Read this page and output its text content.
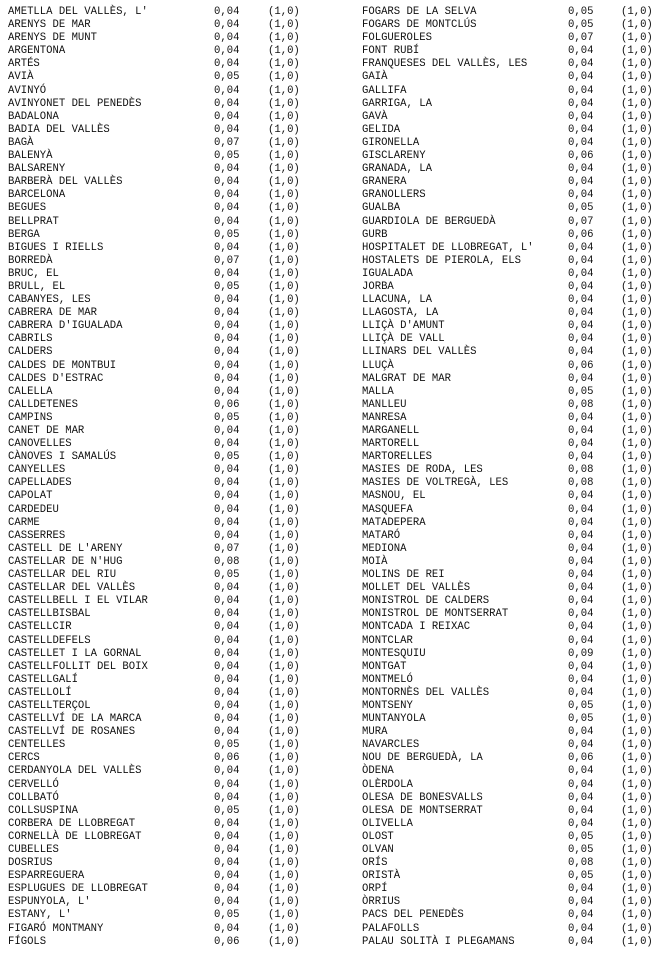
AMETLLA DEL VALLÈS, L'	0,04	(1,0)
ARENYS DE MAR	0,04	(1,0)
ARENYS DE MUNT	0,04	(1,0)
ARGENTONA	0,04	(1,0)
ARTÉS	0,04	(1,0)
AVIÀ	0,05	(1,0)
AVINYÓ	0,04	(1,0)
AVINYONET DEL PENEDÈS	0,04	(1,0)
BADALONA	0,04	(1,0)
BADIA DEL VALLÈS	0,04	(1,0)
BAGÀ	0,07	(1,0)
BALENYÀ	0,05	(1,0)
BALSARENY	0,04	(1,0)
BARBERÀ DEL VALLÈS	0,04	(1,0)
BARCELONA	0,04	(1,0)
BEGUES	0,04	(1,0)
BELLPRAT	0,04	(1,0)
BERGA	0,05	(1,0)
BIGUES I RIELLS	0,04	(1,0)
BORREDÀ	0,07	(1,0)
BRUC, EL	0,04	(1,0)
BRULL, EL	0,05	(1,0)
CABANYES, LES	0,04	(1,0)
CABRERA DE MAR	0,04	(1,0)
CABRERA D'IGUALADA	0,04	(1,0)
CABRILS	0,04	(1,0)
CALDERS	0,04	(1,0)
CALDES DE MONTBUI	0,04	(1,0)
CALDES D'ESTRAC	0,04	(1,0)
CALELLA	0,04	(1,0)
CALLDETENES	0,06	(1,0)
CAMPINS	0,05	(1,0)
CANET DE MAR	0,04	(1,0)
CANOVELLES	0,04	(1,0)
CÀNOVES I SAMALÚS	0,05	(1,0)
CANYELLES	0,04	(1,0)
CAPELLADES	0,04	(1,0)
CAPOLAT	0,04	(1,0)
CARDEDEU	0,04	(1,0)
CARME	0,04	(1,0)
CASSERRES	0,04	(1,0)
CASTELL DE L'ARENY	0,07	(1,0)
CASTELLAR DE N'HUG	0,08	(1,0)
CASTELLAR DEL RIU	0,05	(1,0)
CASTELLAR DEL VALLÈS	0,04	(1,0)
CASTELLBELL I EL VILAR	0,04	(1,0)
CASTELLBISBAL	0,04	(1,0)
CASTELLCIR	0,04	(1,0)
CASTELLDEFELS	0,04	(1,0)
CASTELLET I LA GORNAL	0,04	(1,0)
CASTELLFOLLIT DEL BOIX	0,04	(1,0)
CASTELLGALÍ	0,04	(1,0)
CASTELLOLÍ	0,04	(1,0)
CASTELLTERÇOL	0,04	(1,0)
CASTELLVÍ DE LA MARCA	0,04	(1,0)
CASTELLVÍ DE ROSANES	0,04	(1,0)
CENTELLES	0,05	(1,0)
CERCS	0,06	(1,0)
CERDANYOLA DEL VALLÈS	0,04	(1,0)
CERVELLÓ	0,04	(1,0)
COLLBATÓ	0,04	(1,0)
COLLSUSPINA	0,05	(1,0)
CORBERA DE LLOBREGAT	0,04	(1,0)
CORNELLÀ DE LLOBREGAT	0,04	(1,0)
CUBELLES	0,04	(1,0)
DOSRIUS	0,04	(1,0)
ESPARREGUERA	0,04	(1,0)
ESPLUGUES DE LLOBREGAT	0,04	(1,0)
ESPUNYOLA, L'	0,04	(1,0)
ESTANY, L'	0,05	(1,0)
FIGARÓ MONTMANY	0,04	(1,0)
FÍGOLS	0,06	(1,0)
FOGARS DE LA SELVA	0,05	(1,0)
FOGARS DE MONTCLÚS	0,05	(1,0)
FOLGUEROLES	0,07	(1,0)
FONT RUBÍ	0,04	(1,0)
FRANQUESES DEL VALLÈS, LES	0,04	(1,0)
GAIÀ	0,04	(1,0)
GALLIFA	0,04	(1,0)
GARRIGA, LA	0,04	(1,0)
GAVÀ	0,04	(1,0)
GELIDA	0,04	(1,0)
GIRONELLA	0,04	(1,0)
GISCLARENY	0,06	(1,0)
GRANADA, LA	0,04	(1,0)
GRANERA	0,04	(1,0)
GRANOLLERS	0,04	(1,0)
GUALBA	0,05	(1,0)
GUARDIOLA DE BERGUEDÀ	0,07	(1,0)
GURB	0,06	(1,0)
HOSPITALET DE LLOBREGAT, L'	0,04	(1,0)
HOSTALETS DE PIEROLA, ELS	0,04	(1,0)
IGUALADA	0,04	(1,0)
JORBA	0,04	(1,0)
LLACUNA, LA	0,04	(1,0)
LLAGOSTA, LA	0,04	(1,0)
LLIÇÀ D'AMUNT	0,04	(1,0)
LLIÇÀ DE VALL	0,04	(1,0)
LLINARS DEL VALLÈS	0,04	(1,0)
LLUÇÀ	0,06	(1,0)
MALGRAT DE MAR	0,04	(1,0)
MALLA	0,05	(1,0)
MANLLEU	0,08	(1,0)
MANRESA	0,04	(1,0)
MARGANELL	0,04	(1,0)
MARTORELL	0,04	(1,0)
MARTORELLES	0,04	(1,0)
MASIES DE RODA, LES	0,08	(1,0)
MASIES DE VOLTREGÀ, LES	0,08	(1,0)
MASNOU, EL	0,04	(1,0)
MASQUEFA	0,04	(1,0)
MATADEPERA	0,04	(1,0)
MATARÓ	0,04	(1,0)
MEDIONA	0,04	(1,0)
MOIÀ	0,04	(1,0)
MOLINS DE REI	0,04	(1,0)
MOLLET DEL VALLÈS	0,04	(1,0)
MONISTROL DE CALDERS	0,04	(1,0)
MONISTROL DE MONTSERRAT	0,04	(1,0)
MONTCADA I REIXAC	0,04	(1,0)
MONTCLAR	0,04	(1,0)
MONTESQUIU	0,09	(1,0)
MONTGAT	0,04	(1,0)
MONTMELÓ	0,04	(1,0)
MONTORNÈS DEL VALLÈS	0,04	(1,0)
MONTSENY	0,05	(1,0)
MUNTANYOLA	0,05	(1,0)
MURA	0,04	(1,0)
NAVARCLES	0,04	(1,0)
NOU DE BERGUEDÀ, LA	0,06	(1,0)
ÒDENA	0,04	(1,0)
OLÈRDOLA	0,04	(1,0)
OLESA DE BONESVALLS	0,04	(1,0)
OLESA DE MONTSERRAT	0,04	(1,0)
OLIVELLA	0,04	(1,0)
OLOST	0,05	(1,0)
OLVAN	0,05	(1,0)
ORÍS	0,08	(1,0)
ORISTÀ	0,05	(1,0)
ORPÍ	0,04	(1,0)
ÒRRIUS	0,04	(1,0)
PACS DEL PENEDÈS	0,04	(1,0)
PALAFOLLS	0,04	(1,0)
PALAU SOLITÀ I PLEGAMANS	0,04	(1,0)
